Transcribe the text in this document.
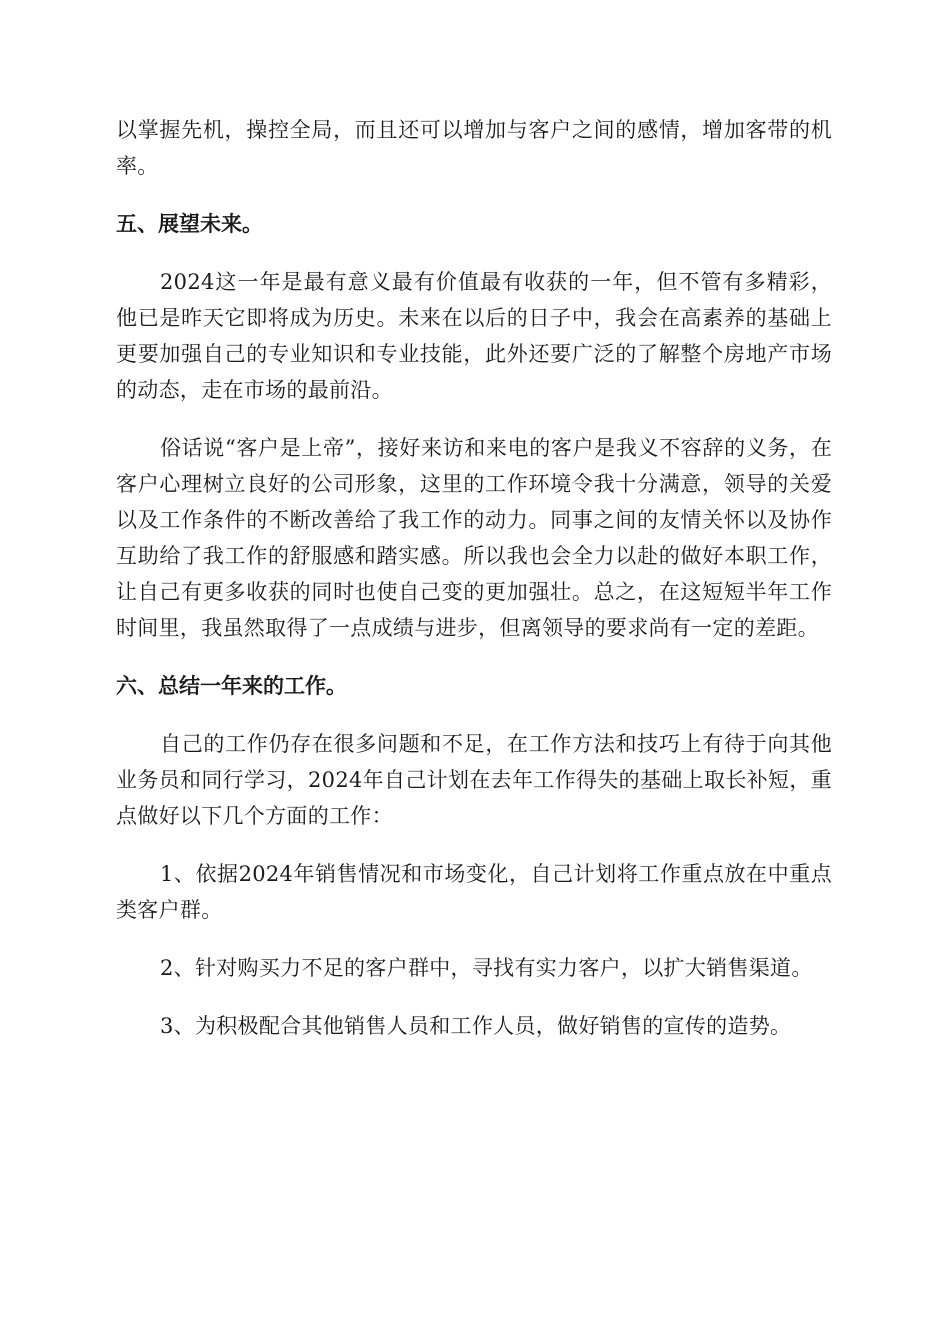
以掌握先机，操控全局，而且还可以增加与客户之间的感情，增加客带的机率。

五、展望未来。

2024这一年是最有意义最有价值最有收获的一年，但不管有多精彩，他已是昨天它即将成为历史。未来在以后的日子中，我会在高素养的基础上更要加强自己的专业知识和专业技能，此外还要广泛的了解整个房地产市场的动态，走在市场的最前沿。

俗话说“客户是上帝”，接好来访和来电的客户是我义不容辞的义务，在客户心理树立良好的公司形象，这里的工作环境令我十分满意，领导的关爱以及工作条件的不断改善给了我工作的动力。同事之间的友情关怀以及协作互助给了我工作的舒服感和踏实感。所以我也会全力以赴的做好本职工作，让自己有更多收获的同时也使自己变的更加强壮。总之，在这短短半年工作时间里，我虽然取得了一点成绩与进步，但离领导的要求尚有一定的差距。

六、总结一年来的工作。

自己的工作仍存在很多问题和不足，在工作方法和技巧上有待于向其他业务员和同行学习，2024年自己计划在去年工作得失的基础上取长补短，重点做好以下几个方面的工作：

1、依据2024年销售情况和市场变化，自己计划将工作重点放在中重点类客户群。

2、针对购买力不足的客户群中，寻找有实力客户，以扩大销售渠道。

3、为积极配合其他销售人员和工作人员，做好销售的宣传的造势。
